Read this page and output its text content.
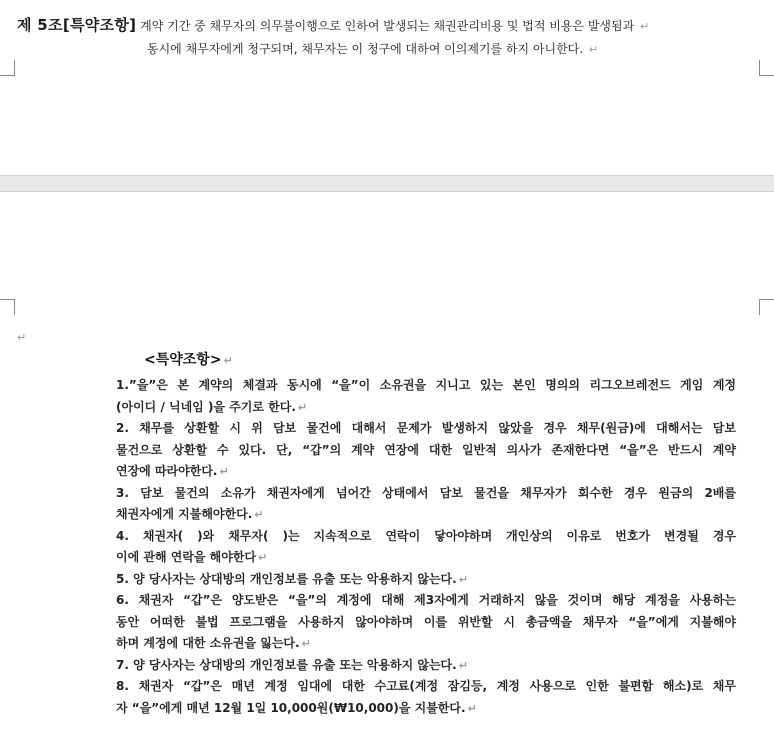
제 5조[특약조항] 계약 기간 중 채무자의 의무불이행으로 인하여 발생되는 채권관리비용 및 법적 비용은 발생됨과 ↵
동시에 채무자에게 청구되며, 채무자는 이 청구에 대하여 이의제기를 하지 아니한다. ↵
↵
<특약조항> ↵
1.”을”은 본 계약의 체결과 동시에 “을”이 소유권을 지니고 있는 본인 명의의 리그오브레전드 게임 계정
(아이디 / 닉네임 )을 주기로 한다. ↵
2. 채무를 상환할 시 위 담보 물건에 대해서 문제가 발생하지 않았을 경우 채무(원금)에 대해서는 담보
물건으로 상환할 수 있다. 단, “갑”의 계약 연장에 대한 일반적 의사가 존재한다면 “을”은 반드시 계약
연장에 따라야한다. ↵
3. 담보 물건의 소유가 채권자에게 넘어간 상태에서 담보 물건을 채무자가 회수한 경우 원금의 2배를
채권자에게 지불해야한다. ↵
4. 채권자( )와 채무자( )는 지속적으로 연락이 닿아야하며 개인상의 이유로 번호가 변경될 경우
이에 관해 연락을 해야한다 ↵
5. 양 당사자는 상대방의 개인정보를 유출 또는 악용하지 않는다. ↵
6. 채권자 “갑”은 양도받은 “을”의 계정에 대해 제3자에게 거래하지 않을 것이며 해당 계정을 사용하는
동안 어떠한 불법 프로그램을 사용하지 않아야하며 이를 위반할 시 총금액을 채무자 “을”에게 지불해야
하며 계정에 대한 소유권을 잃는다. ↵
7. 양 당사자는 상대방의 개인정보를 유출 또는 악용하지 않는다. ↵
8. 채권자 “갑”은 매년 계정 임대에 대한 수고료(계정 잠김등, 계정 사용으로 인한 불편함 해소)로 채무
자 “을”에게 매년 12월 1일 10,000원(₩10,000)을 지불한다. ↵
